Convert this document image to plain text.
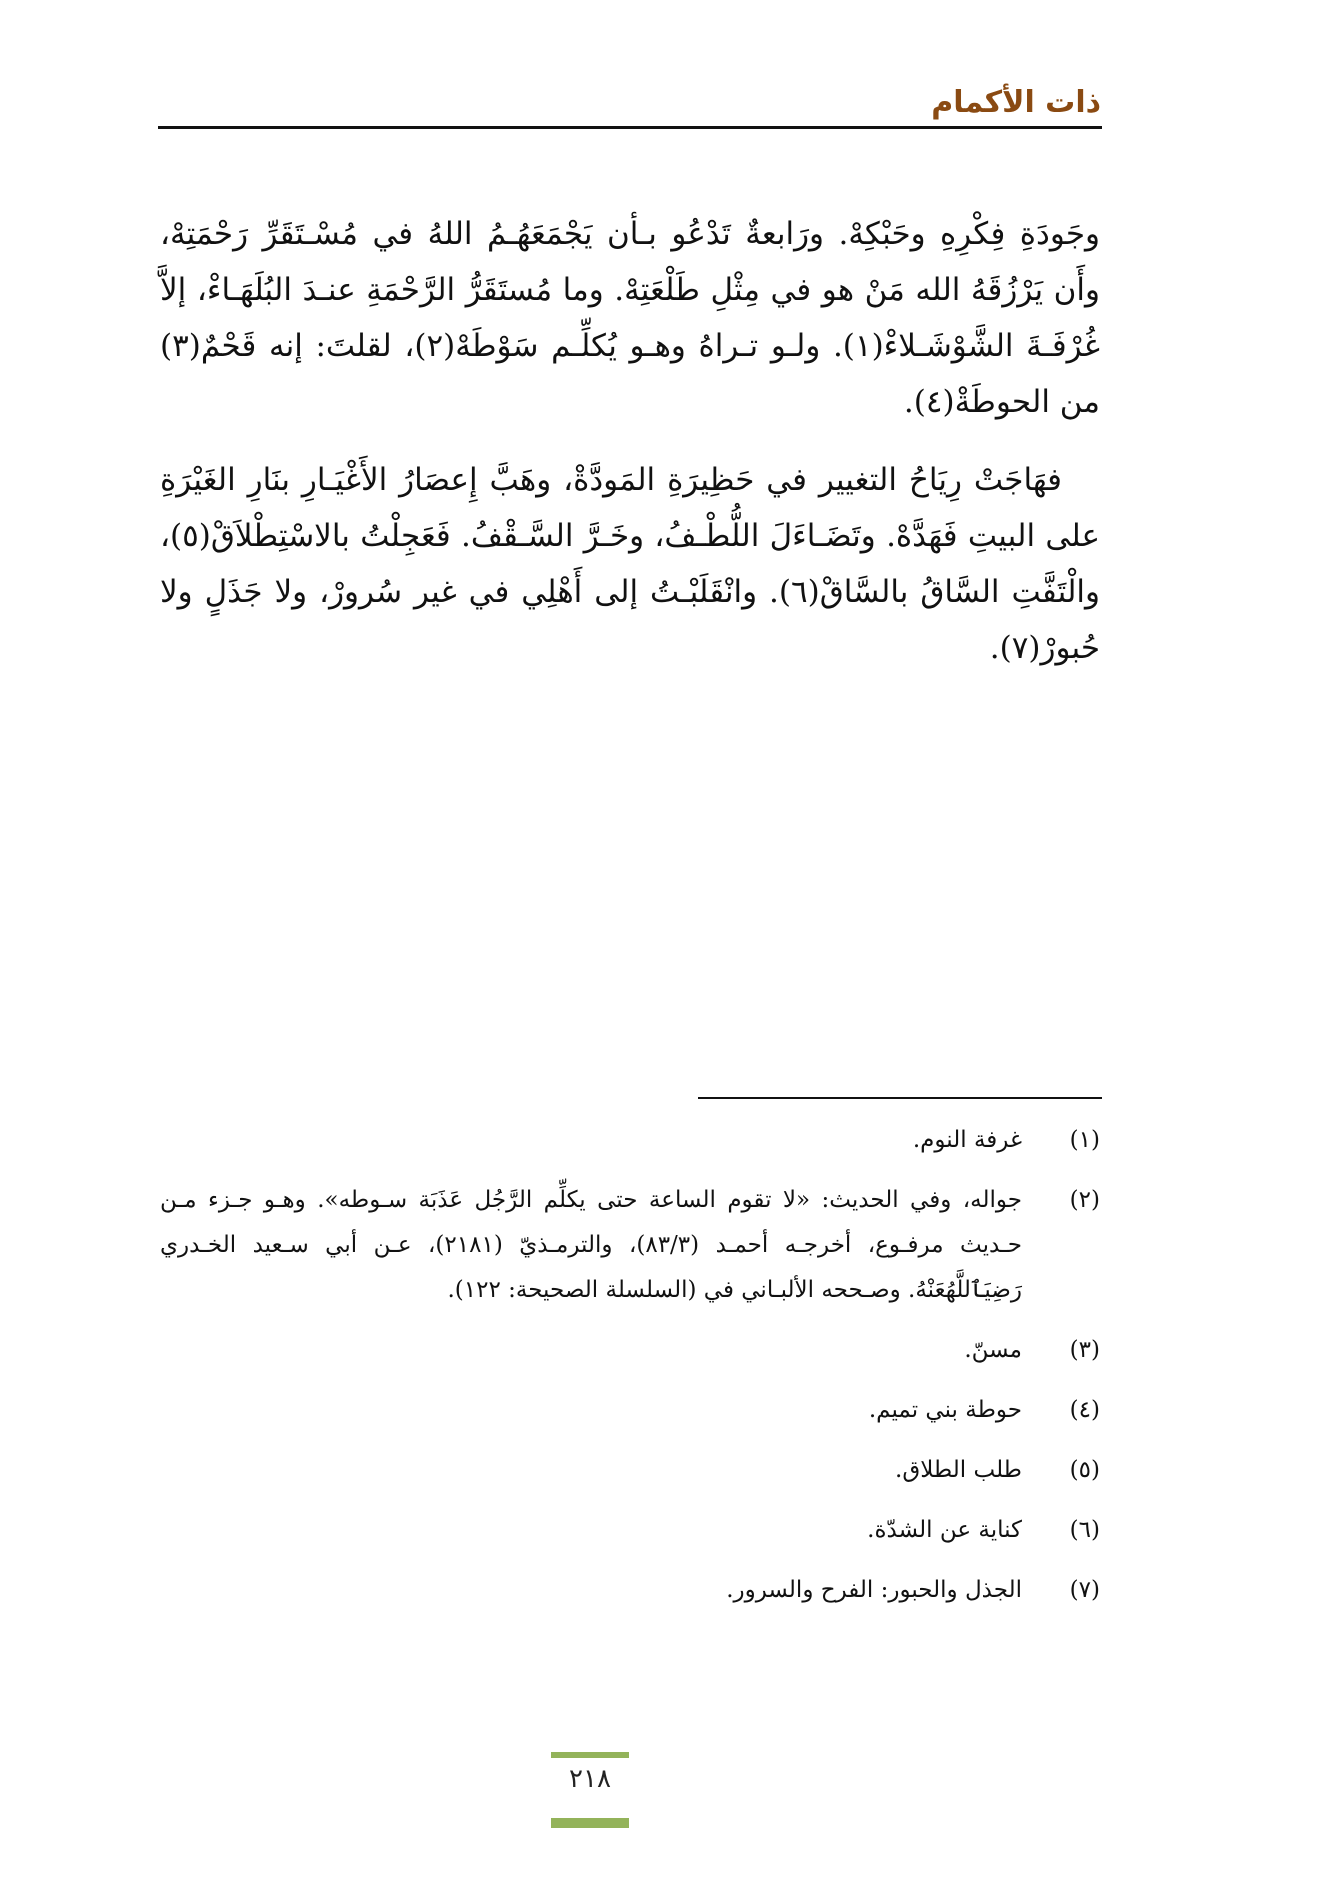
ذات الأكمام

وجَودَةِ فِكْرِهِ وحَبْكِهْ. ورَابعةٌ تَدْعُو بـأن يَجْمَعَهُـمُ اللهُ في مُسْـتَقَرِّ رَحْمَتِهْ، وأَن يَرْزُقَهُ الله مَنْ هو في مِثْلِ طَلْعَتِهْ. وما مُستَقَرُّ الرَّحْمَةِ عنـدَ البُلَهَـاءْ، إلاَّ غُرْفَـةَ الشَّوْشَـلاءْ(١). ولـو تـراهُ وهـو يُكلِّـم سَوْطَهْ(٢)، لقلتَ: إنه قَحْمٌ(٣) من الحوطَةْ(٤).

فهَاجَتْ رِيَاحُ التغيير في حَظِيرَةِ المَودَّةْ، وهَبَّ إِعصَارُ الأَغْيَـارِ بنَارِ الغَيْرَةِ على البيتِ فَهَدَّهْ. وتَضَـاءَلَ اللُّطْـفُ، وخَـرَّ السَّـقْفُ. فَعَجِلْتُ بالاسْتِطْلاَقْ(٥)، والْتَفَّتِ السَّاقُ بالسَّاقْ(٦). وانْقَلَبْـتُ إلى أَهْلِي في غير سُرورْ، ولا جَذَلٍ ولا حُبورْ(٧).

(١)
غرفة النوم.
(٢)
جواله، وفي الحديث: «لا تقوم الساعة حتى يكلِّم الرَّجُل عَذَبَة سـوطه». وهـو جـزء مـن حـديث مرفـوع، أخرجـه أحمـد (٨٣/٣)، والترمـذيّ (٢١٨١)، عـن أبي سـعيد الخـدري رَضِيَٱللَّهُعَنْهُ. وصـححه الألبـاني في (السلسلة الصحيحة: ١٢٢).
(٣)
مسنّ.
(٤)
حوطة بني تميم.
(٥)
طلب الطلاق.
(٦)
كناية عن الشدّة.
(٧)
الجذل والحبور: الفرح والسرور.
٢١٨
